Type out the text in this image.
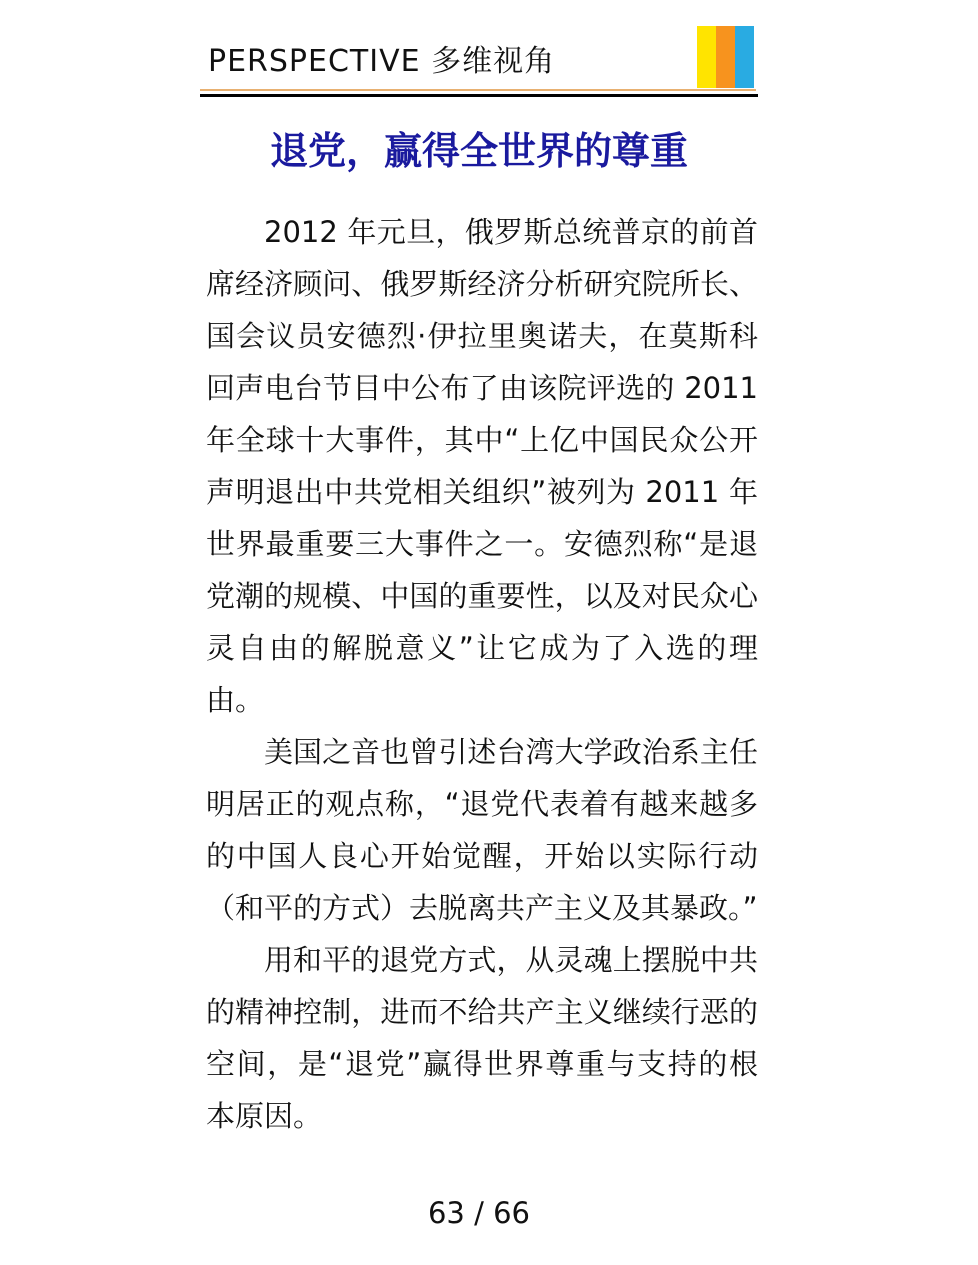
PERSPECTIVE 多维视角
退党，赢得全世界的尊重

2012 年元旦，俄罗斯总统普京的前首席经济顾问、俄罗斯经济分析研究院所长、国会议员安德烈·伊拉里奥诺夫，在莫斯科回声电台节目中公布了由该院评选的 2011 年全球十大事件，其中“上亿中国民众公开声明退出中共党相关组织”被列为 2011 年世界最重要三大事件之一。安德烈称“是退党潮的规模、中国的重要性，以及对民众心灵自由的解脱意义”让它成为了入选的理由。

美国之音也曾引述台湾大学政治系主任明居正的观点称，“退党代表着有越来越多的中国人良心开始觉醒，开始以实际行动（和平的方式）去脱离共产主义及其暴政。”

用和平的退党方式，从灵魂上摆脱中共的精神控制，进而不给共产主义继续行恶的空间，是“退党”赢得世界尊重与支持的根本原因。

63 / 66
